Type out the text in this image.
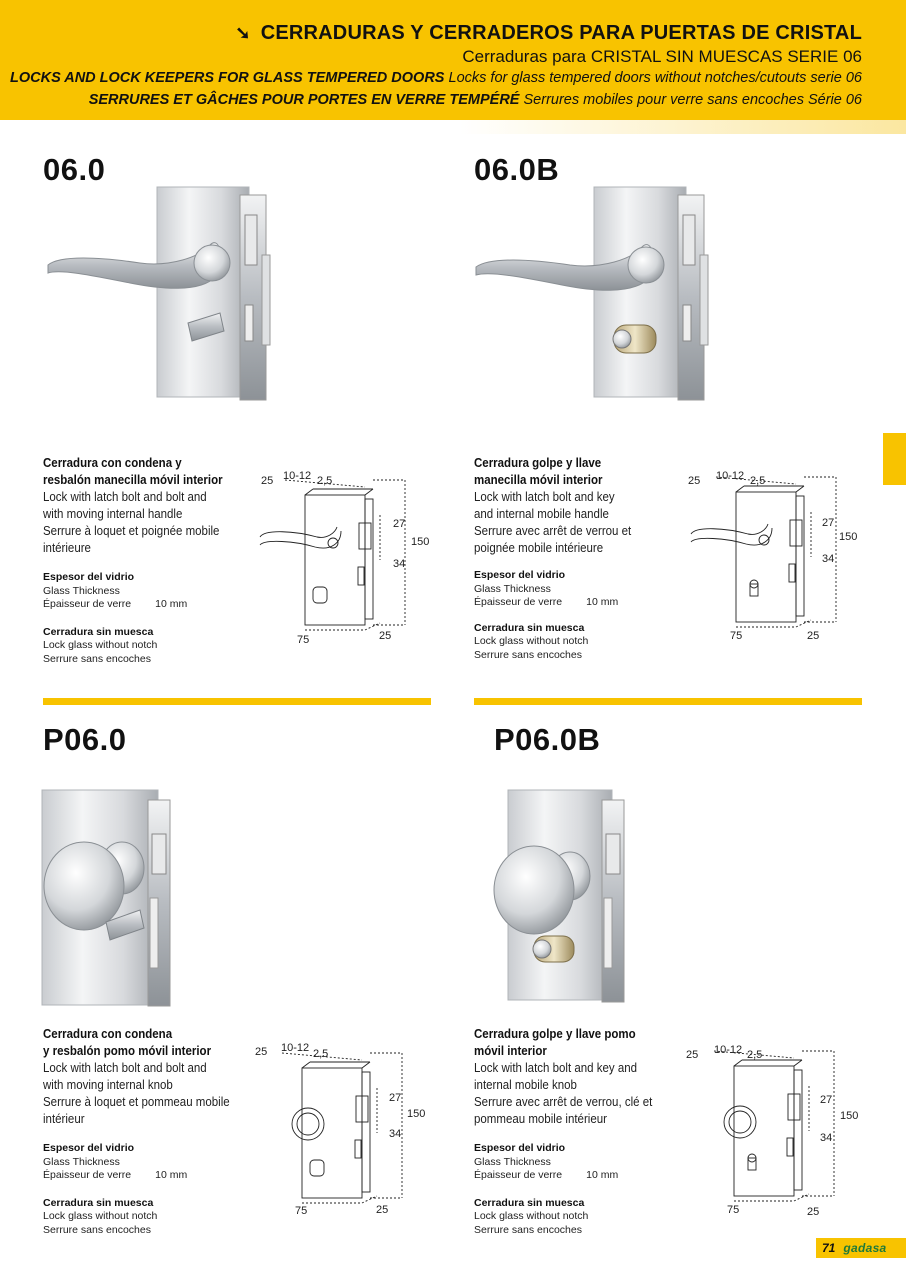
➘ CERRADURAS Y CERRADEROS PARA PUERTAS DE CRISTAL
Cerraduras para CRISTAL SIN MUESCAS SERIE 06
LOCKS AND LOCK KEEPERS FOR GLASS TEMPERED DOORS Locks for glass tempered doors without notches/cutouts serie 06
SERRURES ET GÂCHES POUR PORTES EN VERRE TEMPÉRÉ Serrures mobiles pour verre sans encoches Série 06
06.0
Cerradura con condena y
resbalón manecilla móvil interior
Lock with latch bolt and bolt and
with moving internal handle
Serrure à loquet et poignée mobile
intérieure
Espesor del vidrio
Glass Thickness
Épaisseur de verre 10 mm
Cerradura sin muesca
Lock glass without notch
Serrure sans encoches
25 10-12 2,5
27
34
150
75	25
06.0B
Cerradura golpe y llave
manecilla móvil interior
Lock with latch bolt and key
and internal mobile handle
Serrure avec arrêt de verrou et
poignée mobile intérieure
Espesor del vidrio
Glass Thickness
Épaisseur de verre 10 mm
Cerradura sin muesca
Lock glass without notch
Serrure sans encoches
25 10-12 2,5
27
34
150
75	25
P06.0
Cerradura con condena
y resbalón pomo móvil interior
Lock with latch bolt and bolt and
with moving internal knob
Serrure à loquet et pommeau mobile
intérieur
Espesor del vidrio
Glass Thickness
Épaisseur de verre 10 mm
Cerradura sin muesca
Lock glass without notch
Serrure sans encoches
25 10-12 2,5
27
34
150
75	25
P06.0B
Cerradura golpe y llave pomo
móvil interior
Lock with latch bolt and key and
internal mobile knob
Serrure avec arrêt de verrou, clé et
pommeau mobile intérieur
Espesor del vidrio
Glass Thickness
Épaisseur de verre 10 mm
Cerradura sin muesca
Lock glass without notch
Serrure sans encoches
25 10-12 2,5
27
34
150
75	25
71 gadasa
